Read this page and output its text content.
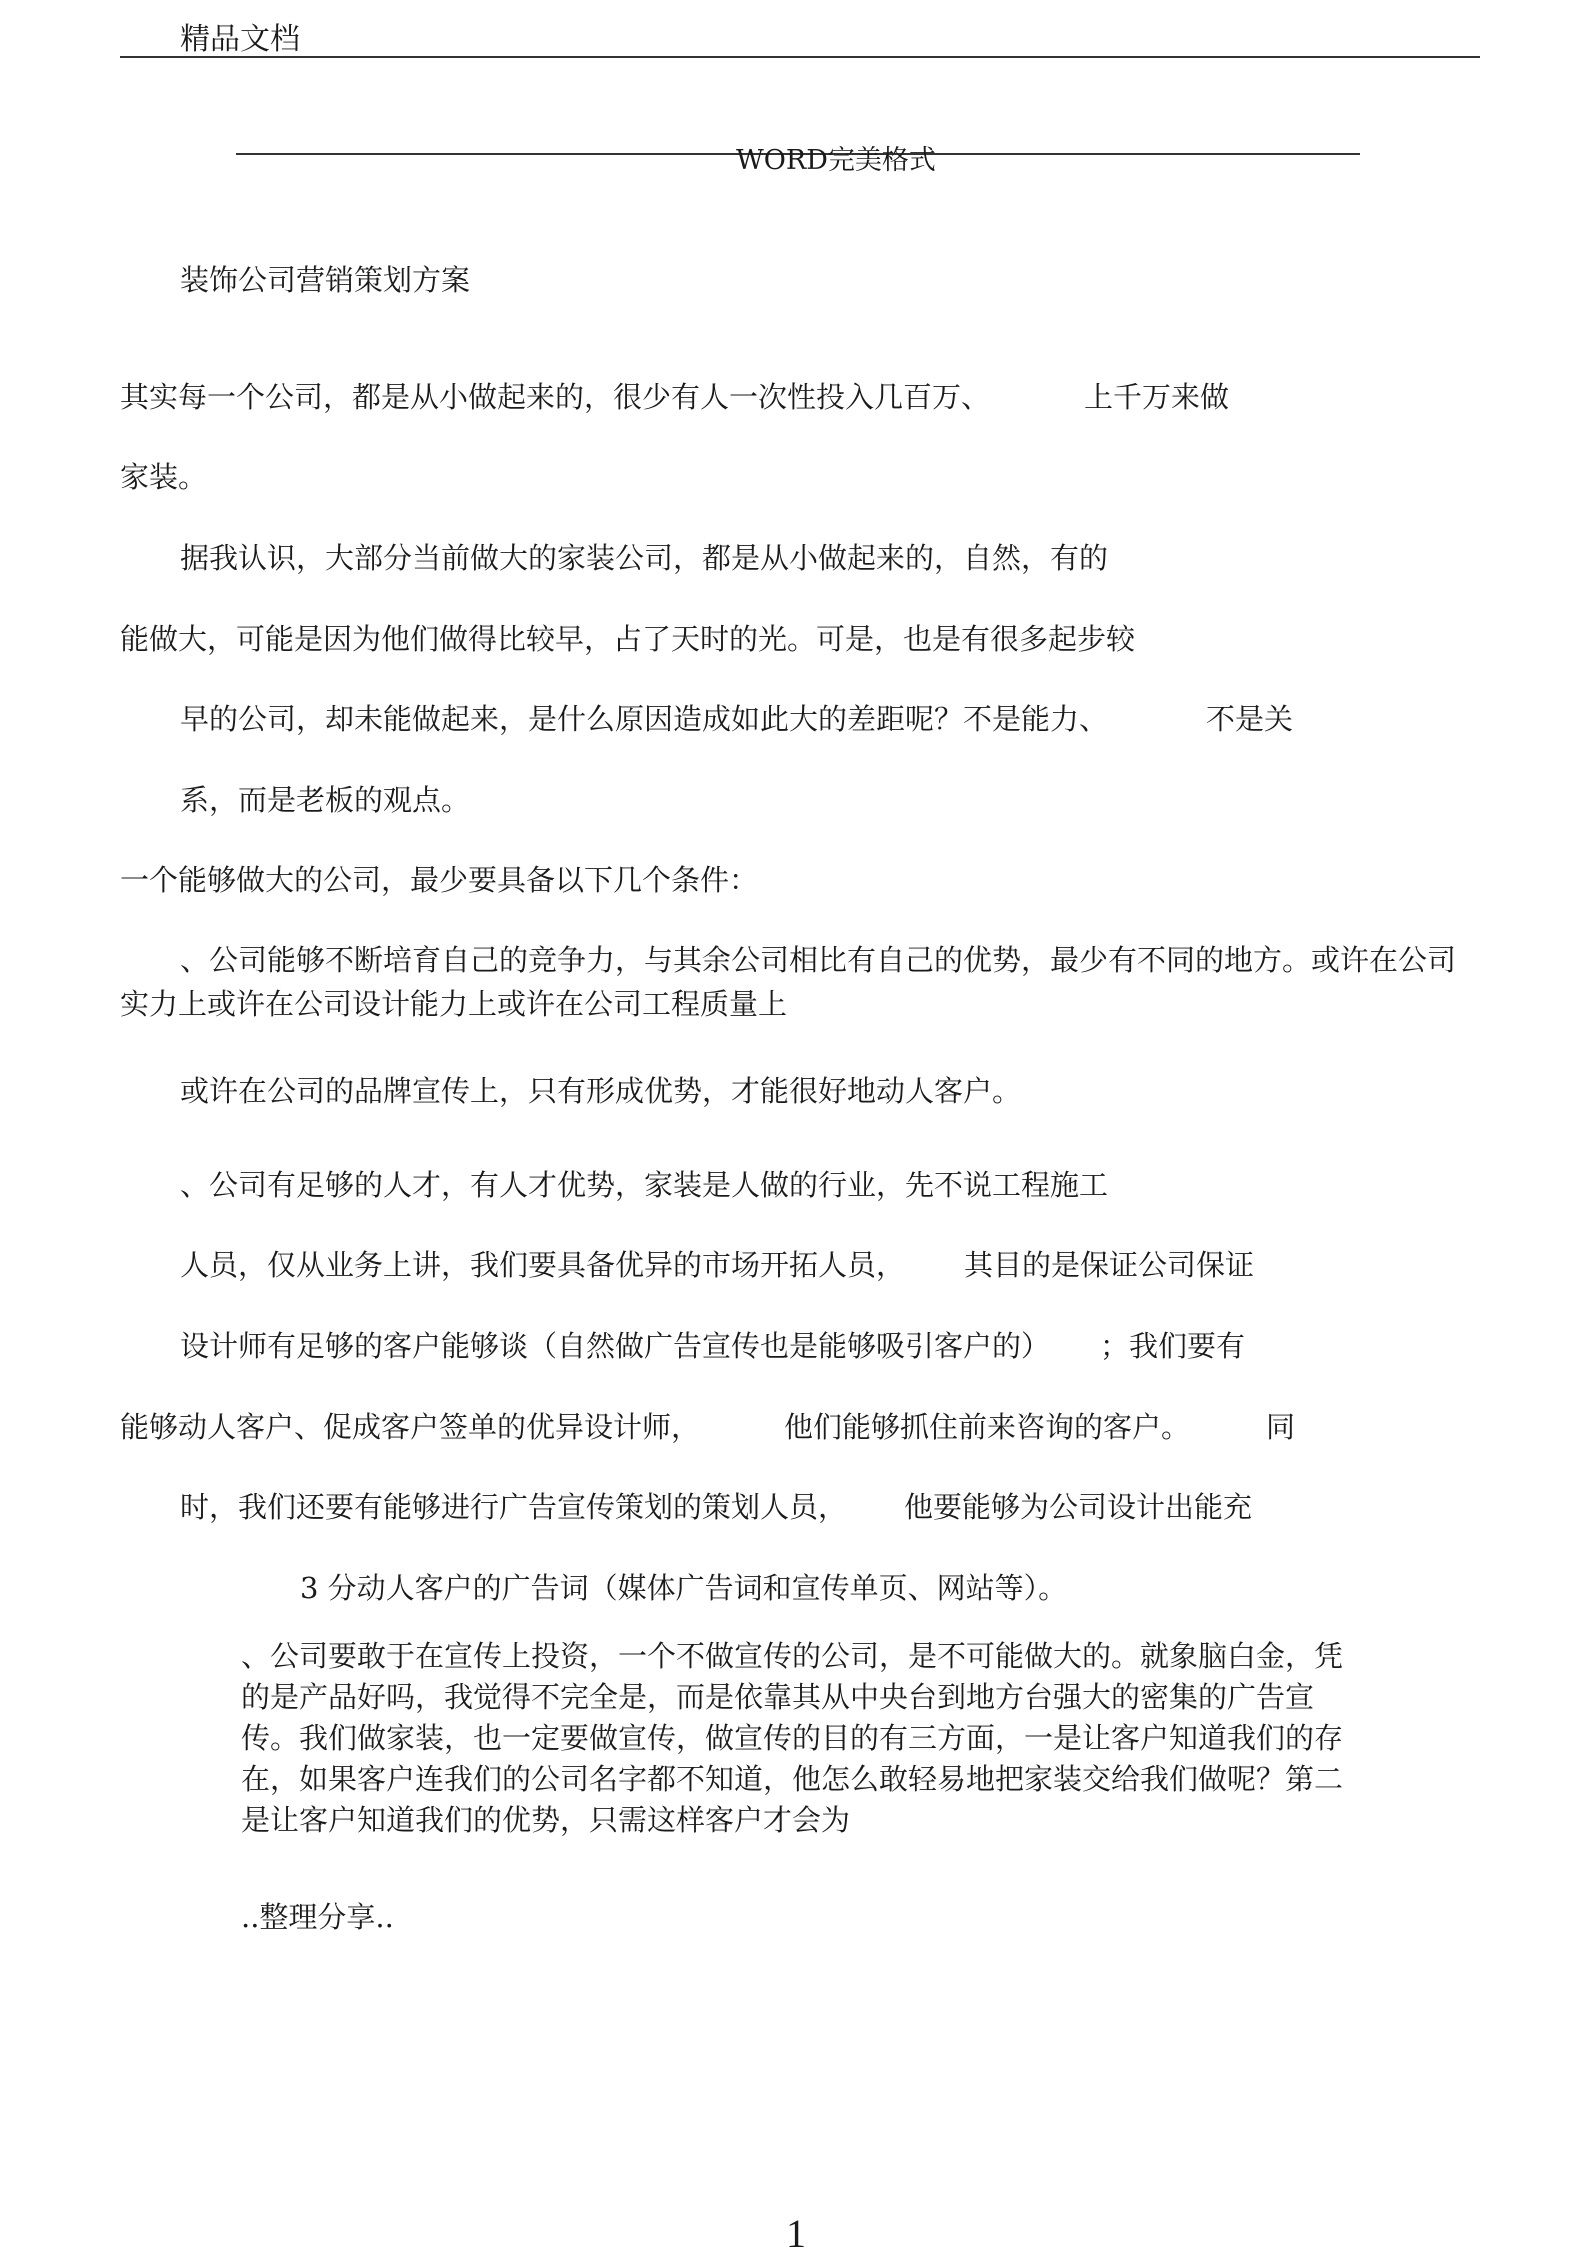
精品文档
WORD完美格式
装饰公司营销策划方案
其实每一个公司，都是从小做起来的，很少有人一次性投入几百万、	上千万来做
家装。
据我认识，大部分当前做大的家装公司，都是从小做起来的，自然，有的
能做大，可能是因为他们做得比较早，占了天时的光。可是，也是有很多起步较
早的公司，却未能做起来，是什么原因造成如此大的差距呢？不是能力、	不是关
系，而是老板的观点。
一个能够做大的公司，最少要具备以下几个条件：
、公司能够不断培育自己的竞争力，与其余公司相比有自己的优势，最少有不同的地方。或许在公司实力上或许在公司设计能力上或许在公司工程质量上
或许在公司的品牌宣传上，只有形成优势，才能很好地动人客户。
、公司有足够的人才，有人才优势，家装是人做的行业，先不说工程施工
人员，仅从业务上讲，我们要具备优异的市场开拓人员， 其目的是保证公司保证
设计师有足够的客户能够谈（自然做广告宣传也是能够吸引客户的） ；我们要有
能够动人客户、促成客户签单的优异设计师，	他们能够抓住前来咨询的客户。	同
时，我们还要有能够进行广告宣传策划的策划人员， 他要能够为公司设计出能充
3 分动人客户的广告词（媒体广告词和宣传单页、网站等）。
、公司要敢于在宣传上投资，一个不做宣传的公司，是不可能做大的。就象脑白金，凭的是产品好吗，我觉得不完全是，而是依靠其从中央台到地方台强大的密集的广告宣传。我们做家装，也一定要做宣传，做宣传的目的有三方面，一是让客户知道我们的存在，如果客户连我们的公司名字都不知道，他怎么敢轻易地把家装交给我们做呢？第二是让客户知道我们的优势，只需这样客户才会为
..整理分享..
1
